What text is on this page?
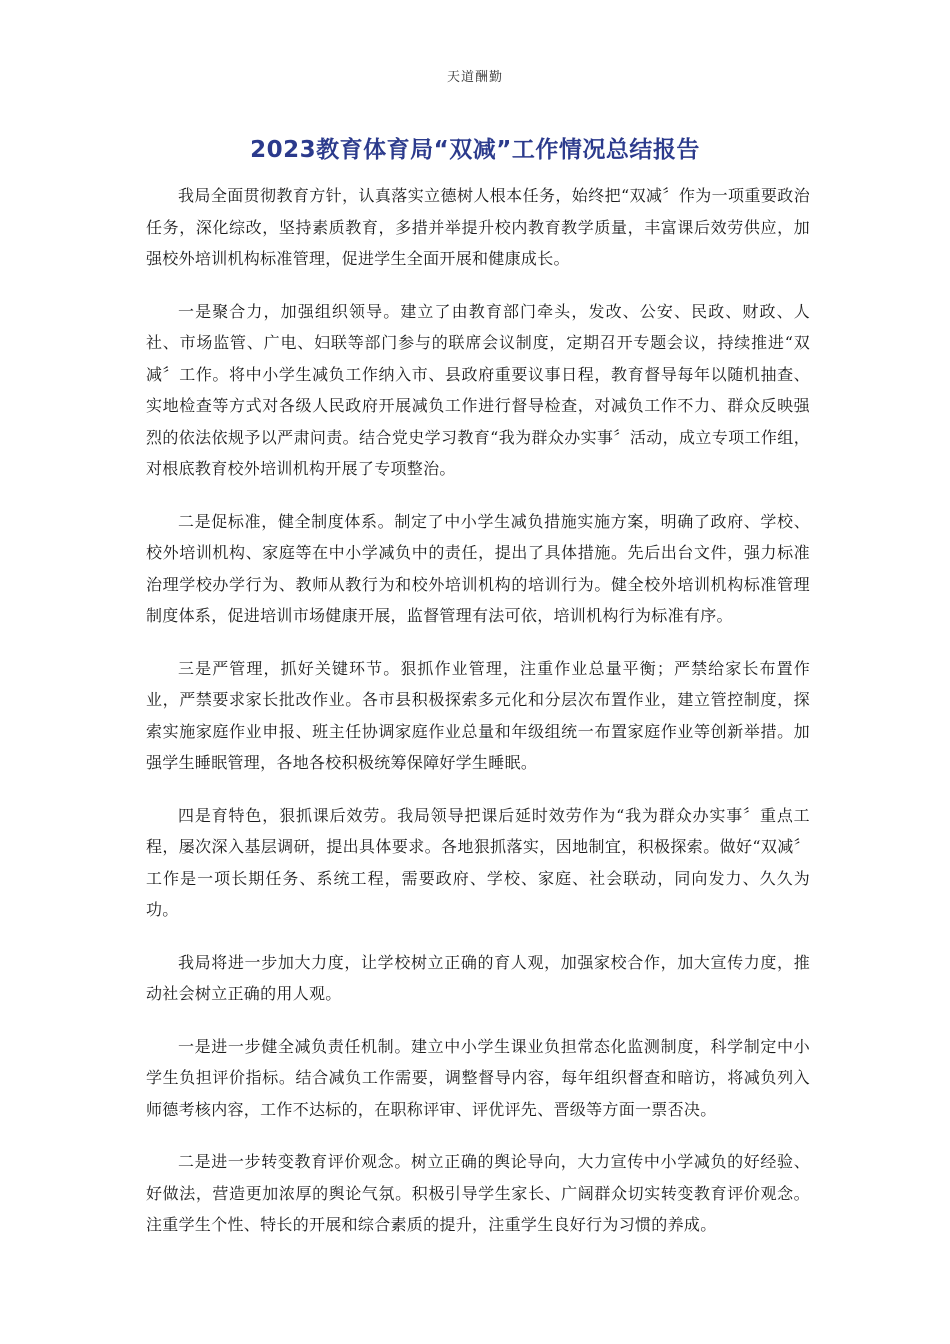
天道酬勤
2023教育体育局“双减”工作情况总结报告

我局全面贯彻教育方针，认真落实立德树人根本任务，始终把“双减〞作为一项重要政治任务，深化综改，坚持素质教育，多措并举提升校内教育教学质量，丰富课后效劳供应，加强校外培训机构标准管理，促进学生全面开展和健康成长。

一是聚合力，加强组织领导。建立了由教育部门牵头，发改、公安、民政、财政、人社、市场监管、广电、妇联等部门参与的联席会议制度，定期召开专题会议，持续推进“双减〞工作。将中小学生减负工作纳入市、县政府重要议事日程，教育督导每年以随机抽查、实地检查等方式对各级人民政府开展减负工作进行督导检查，对减负工作不力、群众反映强烈的依法依规予以严肃问责。结合党史学习教育“我为群众办实事〞活动，成立专项工作组，对根底教育校外培训机构开展了专项整治。

二是促标准，健全制度体系。制定了中小学生减负措施实施方案，明确了政府、学校、校外培训机构、家庭等在中小学减负中的责任，提出了具体措施。先后出台文件，强力标准治理学校办学行为、教师从教行为和校外培训机构的培训行为。健全校外培训机构标准管理制度体系，促进培训市场健康开展，监督管理有法可依，培训机构行为标准有序。

三是严管理，抓好关键环节。狠抓作业管理，注重作业总量平衡；严禁给家长布置作业，严禁要求家长批改作业。各市县积极探索多元化和分层次布置作业，建立管控制度，探索实施家庭作业申报、班主任协调家庭作业总量和年级组统一布置家庭作业等创新举措。加强学生睡眠管理，各地各校积极统筹保障好学生睡眠。

四是育特色，狠抓课后效劳。我局领导把课后延时效劳作为“我为群众办实事〞重点工程，屡次深入基层调研，提出具体要求。各地狠抓落实，因地制宜，积极探索。做好“双减〞工作是一项长期任务、系统工程，需要政府、学校、家庭、社会联动，同向发力、久久为功。

我局将进一步加大力度，让学校树立正确的育人观，加强家校合作，加大宣传力度，推动社会树立正确的用人观。

一是进一步健全减负责任机制。建立中小学生课业负担常态化监测制度，科学制定中小学生负担评价指标。结合减负工作需要，调整督导内容，每年组织督查和暗访，将减负列入师德考核内容，工作不达标的，在职称评审、评优评先、晋级等方面一票否决。

二是进一步转变教育评价观念。树立正确的舆论导向，大力宣传中小学减负的好经验、好做法，营造更加浓厚的舆论气氛。积极引导学生家长、广阔群众切实转变教育评价观念。注重学生个性、特长的开展和综合素质的提升，注重学生良好行为习惯的养成。
